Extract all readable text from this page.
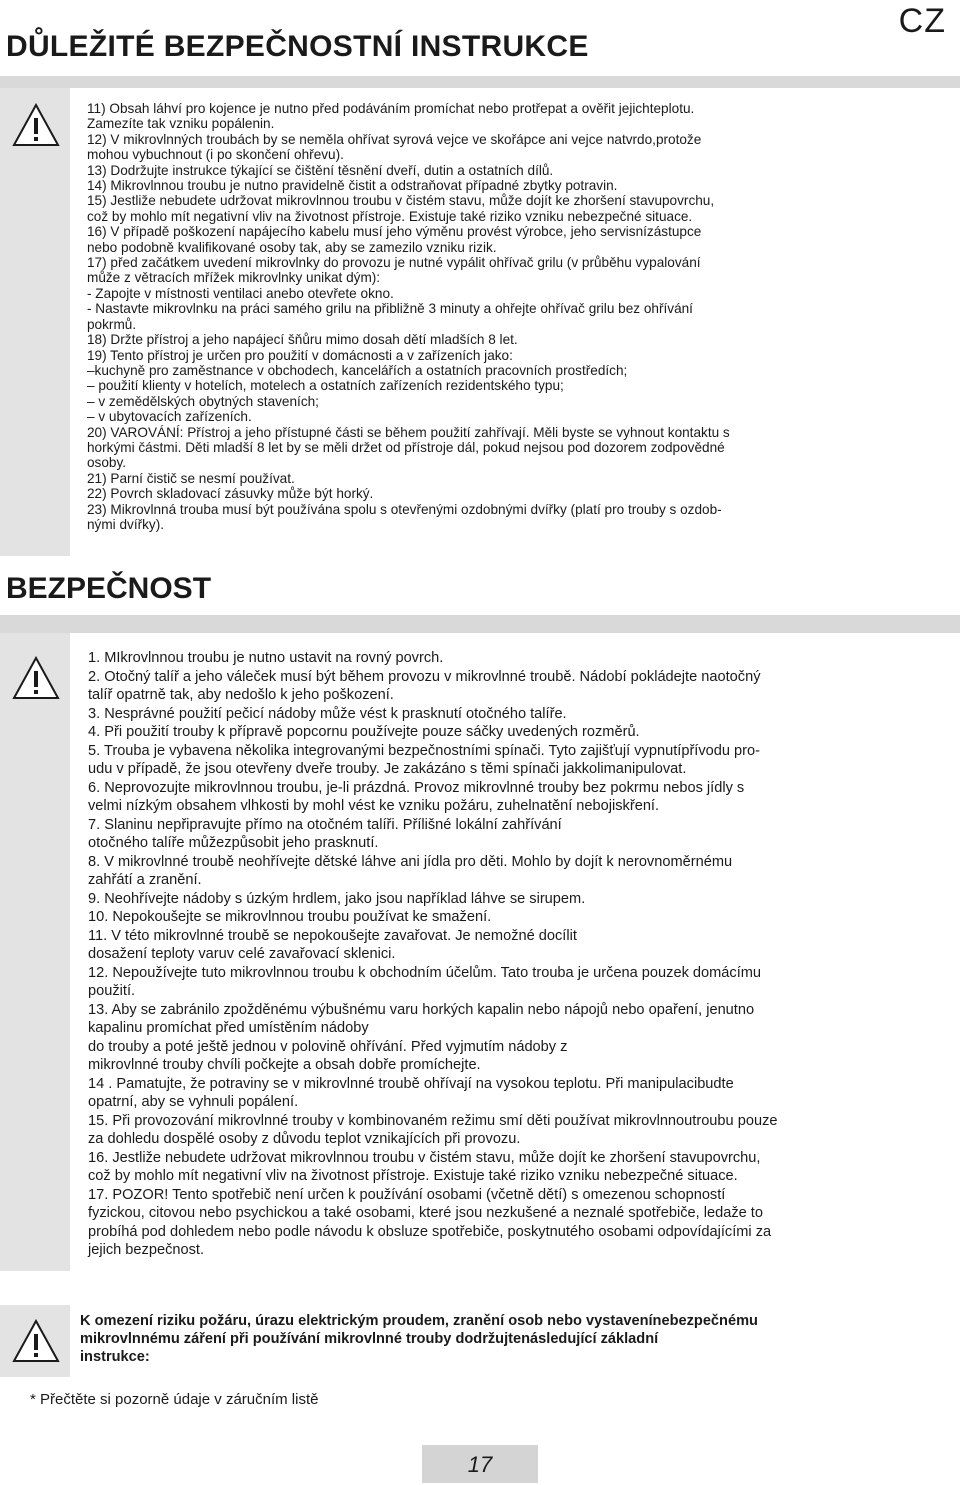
CZ
DŮLEŽITÉ BEZPEČNOSTNÍ INSTRUKCE

11) Obsah láhví pro kojence je nutno před podáváním promíchat nebo protřepat a ověřit jejichteplotu.

Zamezíte tak vzniku popálenin.

12) V mikrovlnných troubách by se neměla ohřívat syrová vejce ve skořápce ani vejce natvrdo,protože

mohou vybuchnout (i po skončení ohřevu).

13) Dodržujte instrukce týkající se čištění těsnění dveří, dutin a ostatních dílů.

14) Mikrovlnnou troubu je nutno pravidelně čistit a odstraňovat případné zbytky potravin.

15) Jestliže nebudete udržovat mikrovlnnou troubu v čistém stavu, může dojít ke zhoršení stavupovrchu,

což by mohlo mít negativní vliv na životnost přístroje. Existuje také riziko vzniku nebezpečné situace.

16) V případě poškození napájecího kabelu musí jeho výměnu provést výrobce, jeho servisnízástupce

nebo podobně kvalifikované osoby tak, aby se zamezilo vzniku rizik.

17) před začátkem uvedení mikrovlnky do provozu je nutné vypálit ohřívač grilu (v průběhu vypalování

může z větracích mřížek mikrovlnky unikat dým):

- Zapojte v místnosti ventilaci anebo otevřete okno.

- Nastavte mikrovlnku na práci samého grilu na přibližně 3 minuty a ohřejte ohřívač grilu bez ohřívání

pokrmů.

18) Držte přístroj a jeho napájecí šňůru mimo dosah dětí mladších 8 let.

19) Tento přístroj je určen pro použití v domácnosti a v zařízeních jako:

–kuchyně pro zaměstnance v obchodech, kancelářích a ostatních pracovních prostředích;

– použití klienty v hotelích, motelech a ostatních zařízeních rezidentského typu;

– v zemědělských obytných staveních;

– v ubytovacích zařízeních.

20) VAROVÁNÍ: Přístroj a jeho přístupné části se během použití zahřívají. Měli byste se vyhnout kontaktu s

horkými částmi. Děti mladší 8 let by se měli držet od přístroje dál, pokud nejsou pod dozorem zodpovědné

osoby.

21) Parní čistič se nesmí používat.

22) Povrch skladovací zásuvky může být horký.

23) Mikrovlnná trouba musí být používána spolu s otevřenými ozdobnými dvířky (platí pro trouby s ozdob-

nými dvířky).

BEZPEČNOST

1. MIkrovlnnou troubu je nutno ustavit na rovný povrch.

2. Otočný talíř a jeho váleček musí být během provozu v mikrovlnné troubě. Nádobí pokládejte naotočný

talíř opatrně tak, aby nedošlo k jeho poškození.

3. Nesprávné použití pečicí nádoby může vést k prasknutí otočného talíře.

4. Při použití trouby k přípravě popcornu používejte pouze sáčky uvedených rozměrů.

5. Trouba je vybavena několika integrovanými bezpečnostními spínači. Tyto zajišťují vypnutípřívodu pro-

udu v případě, že jsou otevřeny dveře trouby. Je zakázáno s těmi spínači jakkolimanipulovat.

6. Neprovozujte mikrovlnnou troubu, je-li prázdná. Provoz mikrovlnné trouby bez pokrmu nebos jídly s

velmi nízkým obsahem vlhkosti by mohl vést ke vzniku požáru, zuhelnatění nebojiskření.

7. Slaninu nepřipravujte přímo na otočném talíři. Přílišné lokální zahřívání

otočného talíře můžezpůsobit jeho prasknutí.

8. V mikrovlnné troubě neohřívejte dětské láhve ani jídla pro děti. Mohlo by dojít k nerovnoměrnému

zahřátí a zranění.

9. Neohřívejte nádoby s úzkým hrdlem, jako jsou například láhve se sirupem.

10. Nepokoušejte se mikrovlnnou troubu používat ke smažení.

11. V této mikrovlnné troubě se nepokoušejte zavařovat. Je nemožné docílit

dosažení teploty varuv celé zavařovací sklenici.

12. Nepoužívejte tuto mikrovlnnou troubu k obchodním účelům. Tato trouba je určena pouzek domácímu

použití.

13. Aby se zabránilo zpožděnému výbušnému varu horkých kapalin nebo nápojů nebo opaření, jenutno

kapalinu promíchat před umístěním nádoby

do trouby a poté ještě jednou v polovině ohřívání. Před vyjmutím nádoby z

mikrovlnné trouby chvíli počkejte a obsah dobře promíchejte.

14 . Pamatujte, že potraviny se v mikrovlnné troubě ohřívají na vysokou teplotu. Při manipulacibudte

opatrní, aby se vyhnuli popálení.

15. Při provozování mikrovlnné trouby v kombinovaném režimu smí děti používat mikrovlnnoutroubu pouze

za dohledu dospělé osoby z důvodu teplot vznikajících při provozu.

16. Jestliže nebudete udržovat mikrovlnnou troubu v čistém stavu, může dojít ke zhoršení stavupovrchu,

což by mohlo mít negativní vliv na životnost přístroje. Existuje také riziko vzniku nebezpečné situace.

17. POZOR! Tento spotřebič není určen k používání osobami (včetně dětí) s omezenou schopností

fyzickou, citovou nebo psychickou a také osobami, které jsou nezkušené a neznalé spotřebiče, ledaže to

probíhá pod dohledem nebo podle návodu k obsluze spotřebiče, poskytnutého osobami odpovídajícími za

jejich bezpečnost.

K omezení riziku požáru, úrazu elektrickým proudem, zranění osob nebo vystavenínebezpečnému

mikrovlnnému záření při používání mikrovlnné trouby dodržujtenásledující základní

instrukce:

* Přečtěte si pozorně údaje v záručním listě
17
